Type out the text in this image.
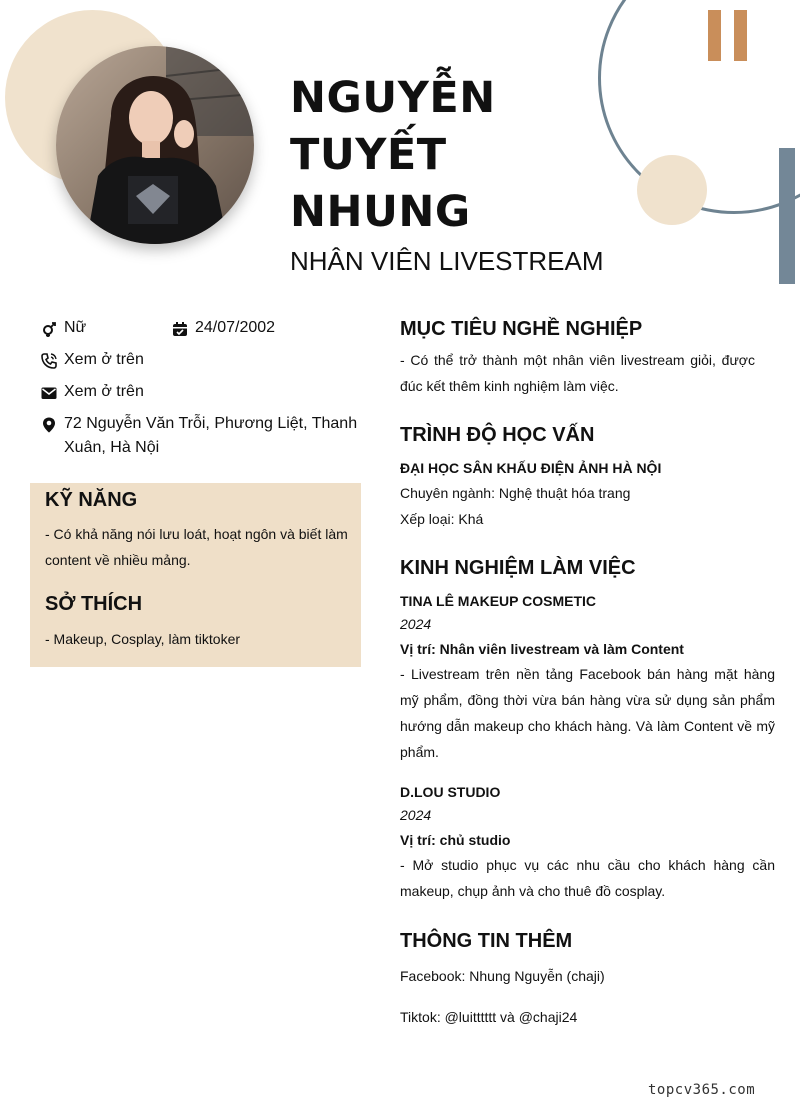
NGUYỄN
TUYẾT
NHUNG
NHÂN VIÊN LIVESTREAM
Nữ	24/07/2002
Xem ở trên
Xem ở trên
72 Nguyễn Văn Trỗi, Phương Liệt, Thanh Xuân, Hà Nội
KỸ NĂNG
- Có khả năng nói lưu loát, hoạt ngôn và biết làm content về nhiều mảng.
SỞ THÍCH
- Makeup, Cosplay, làm tiktoker
MỤC TIÊU NGHỀ NGHIỆP
- Có thể trở thành một nhân viên livestream giỏi, được đúc kết thêm kinh nghiệm làm việc.
TRÌNH ĐỘ HỌC VẤN
ĐẠI HỌC SÂN KHẤU ĐIỆN ẢNH HÀ NỘI
Chuyên ngành: Nghệ thuật hóa trang
Xếp loại: Khá
KINH NGHIỆM LÀM VIỆC
TINA LÊ MAKEUP COSMETIC
2024
Vị trí: Nhân viên livestream và làm Content
- Livestream trên nền tảng Facebook bán hàng mặt hàng mỹ phẩm, đồng thời vừa bán hàng vừa sử dụng sản phẩm hướng dẫn makeup cho khách hàng. Và làm Content về mỹ phẩm.
D.LOU STUDIO
2024
Vị trí: chủ studio
- Mở studio phục vụ các nhu cầu cho khách hàng cần makeup, chụp ảnh và cho thuê đồ cosplay.
THÔNG TIN THÊM
Facebook: Nhung Nguyễn (chaji)
Tiktok: @luitttttt và @chaji24
topcv365.com
